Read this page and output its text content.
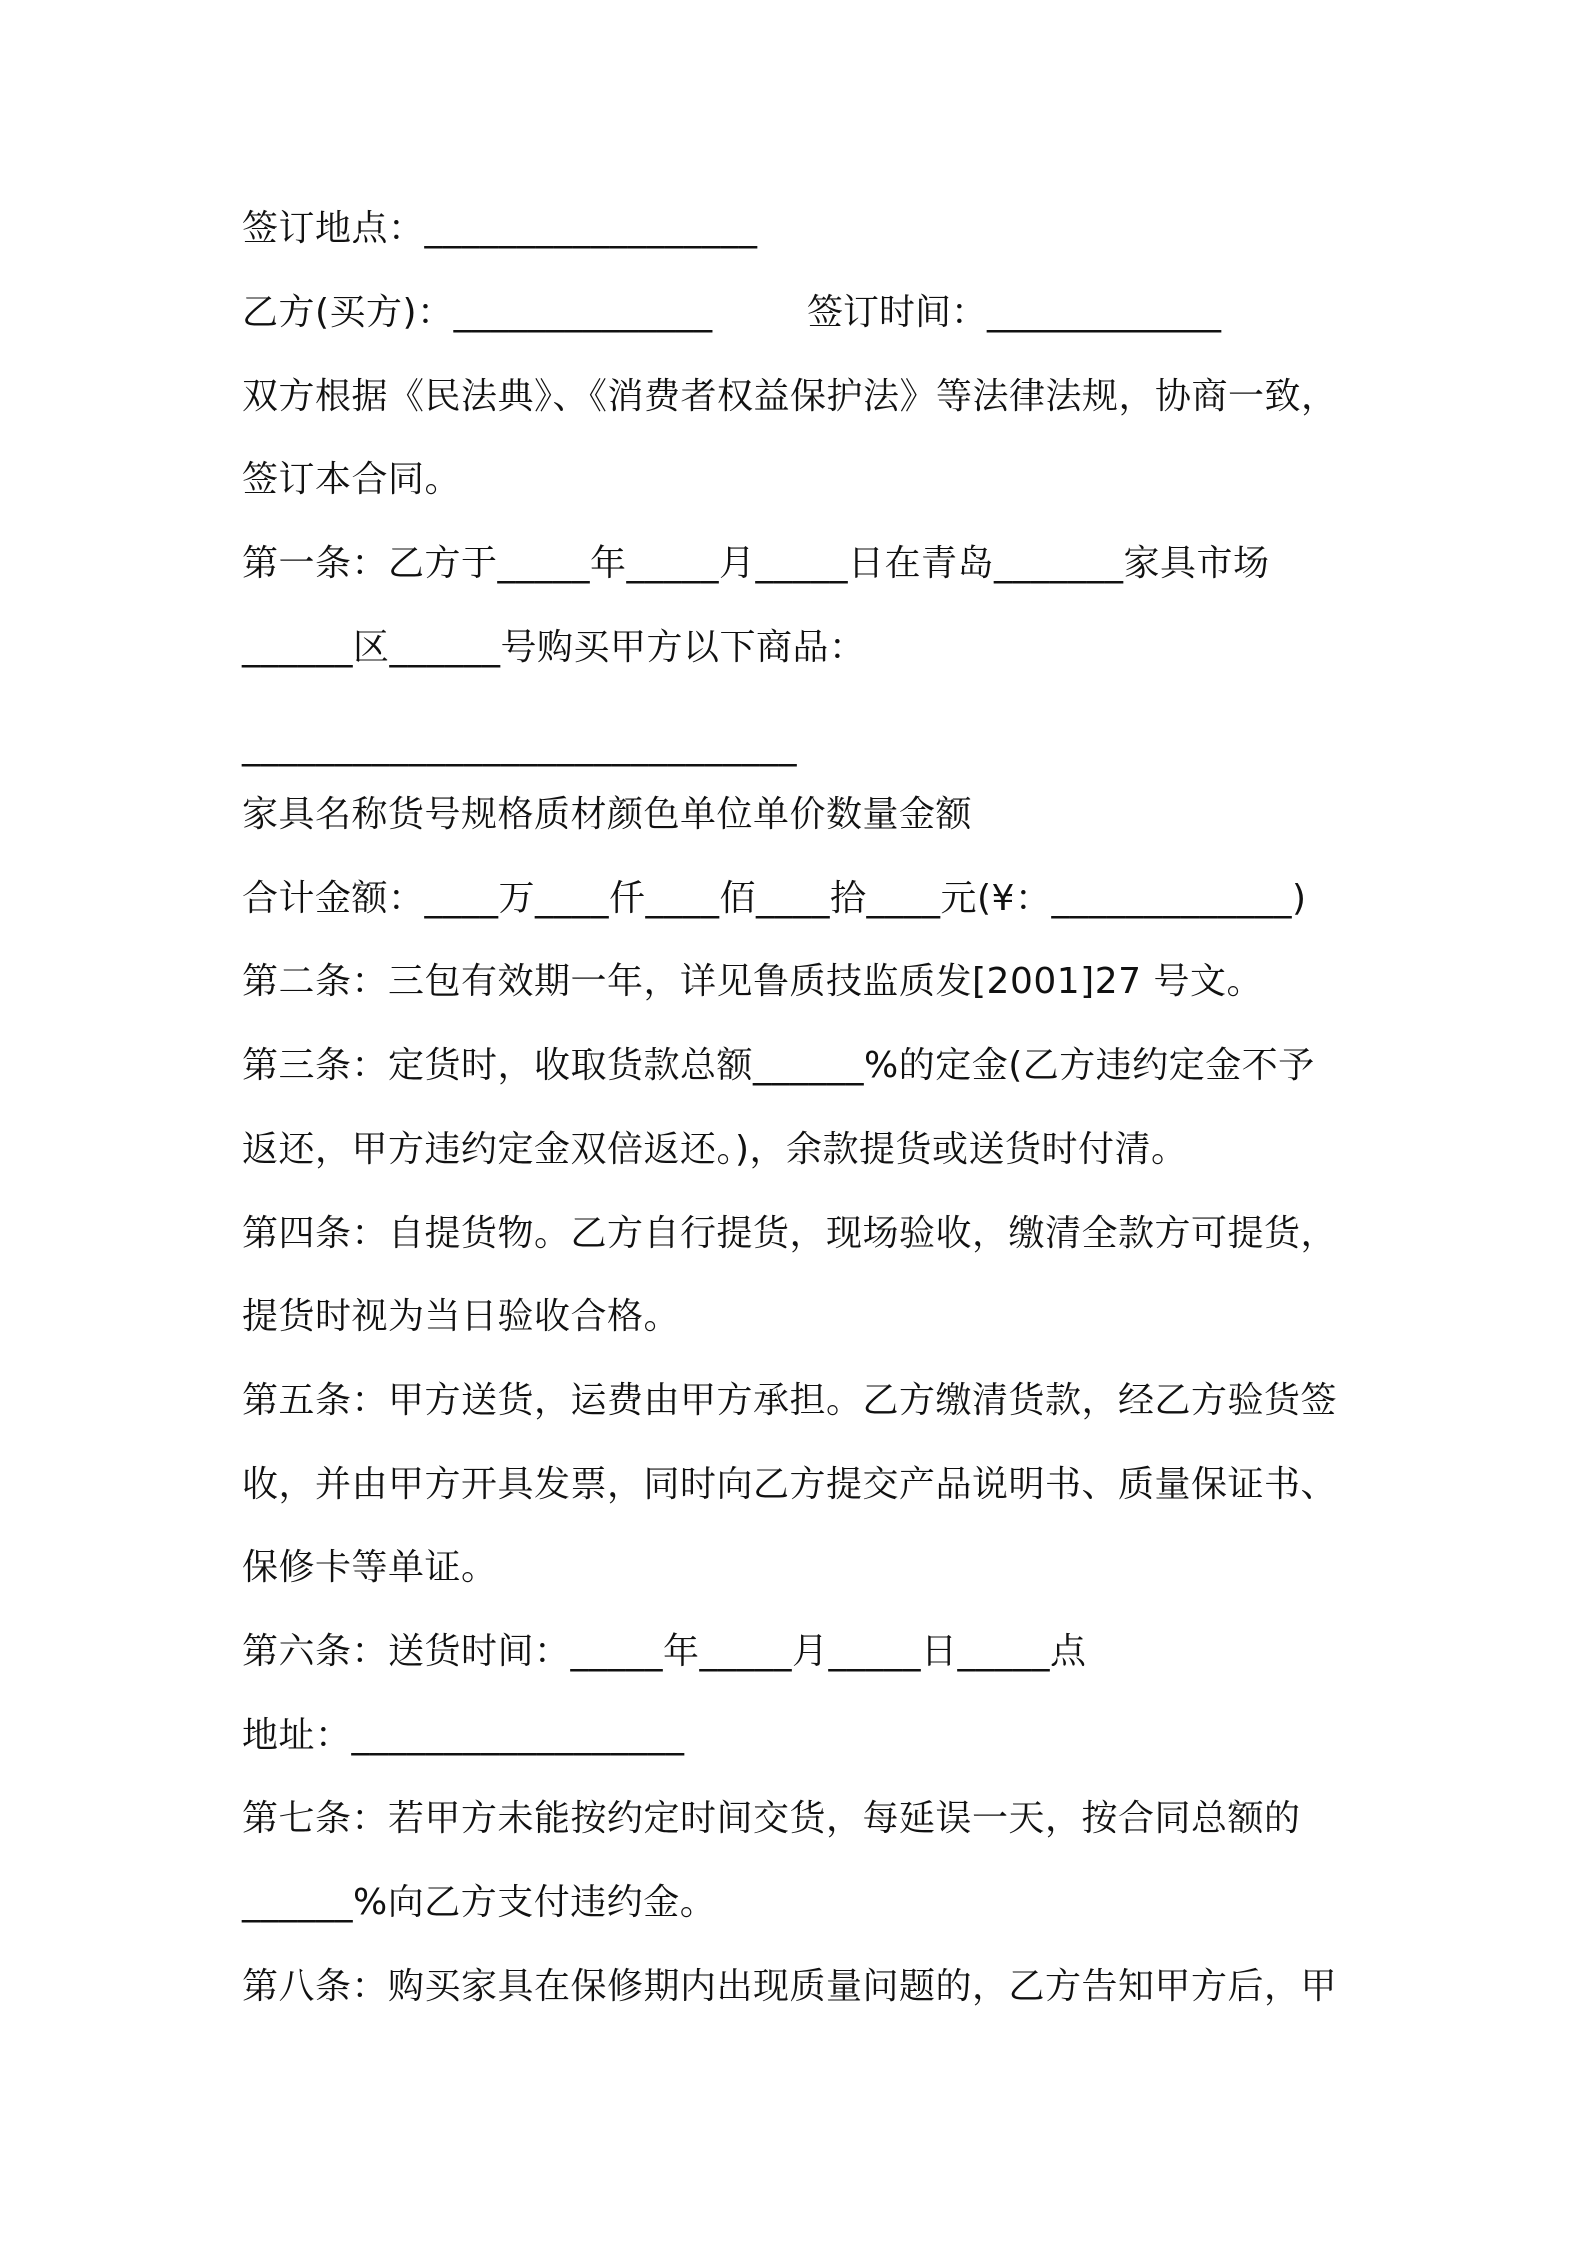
签订地点：__________________
乙方(买方)：______________	签订时间：_____________
双方根据《民法典》、《消费者权益保护法》等法律法规，协商一致，
签订本合同。
第一条：乙方于_____年_____月_____日在青岛_______家具市场
______区______号购买甲方以下商品：
______________________________
家具名称货号规格质材颜色单位单价数量金额
合计金额：____万____仟____佰____拾____元(¥：_____________)
第二条：三包有效期一年，详见鲁质技监质发[2001]27 号文。
第三条：定货时，收取货款总额______%的定金(乙方违约定金不予
返还，甲方违约定金双倍返还。)，余款提货或送货时付清。
第四条：自提货物。乙方自行提货，现场验收，缴清全款方可提货，
提货时视为当日验收合格。
第五条：甲方送货，运费由甲方承担。乙方缴清货款，经乙方验货签
收，并由甲方开具发票，同时向乙方提交产品说明书、质量保证书、
保修卡等单证。
第六条：送货时间：_____年_____月_____日_____点
地址：__________________
第七条：若甲方未能按约定时间交货，每延误一天，按合同总额的
______%向乙方支付违约金。
第八条：购买家具在保修期内出现质量问题的，乙方告知甲方后，甲
